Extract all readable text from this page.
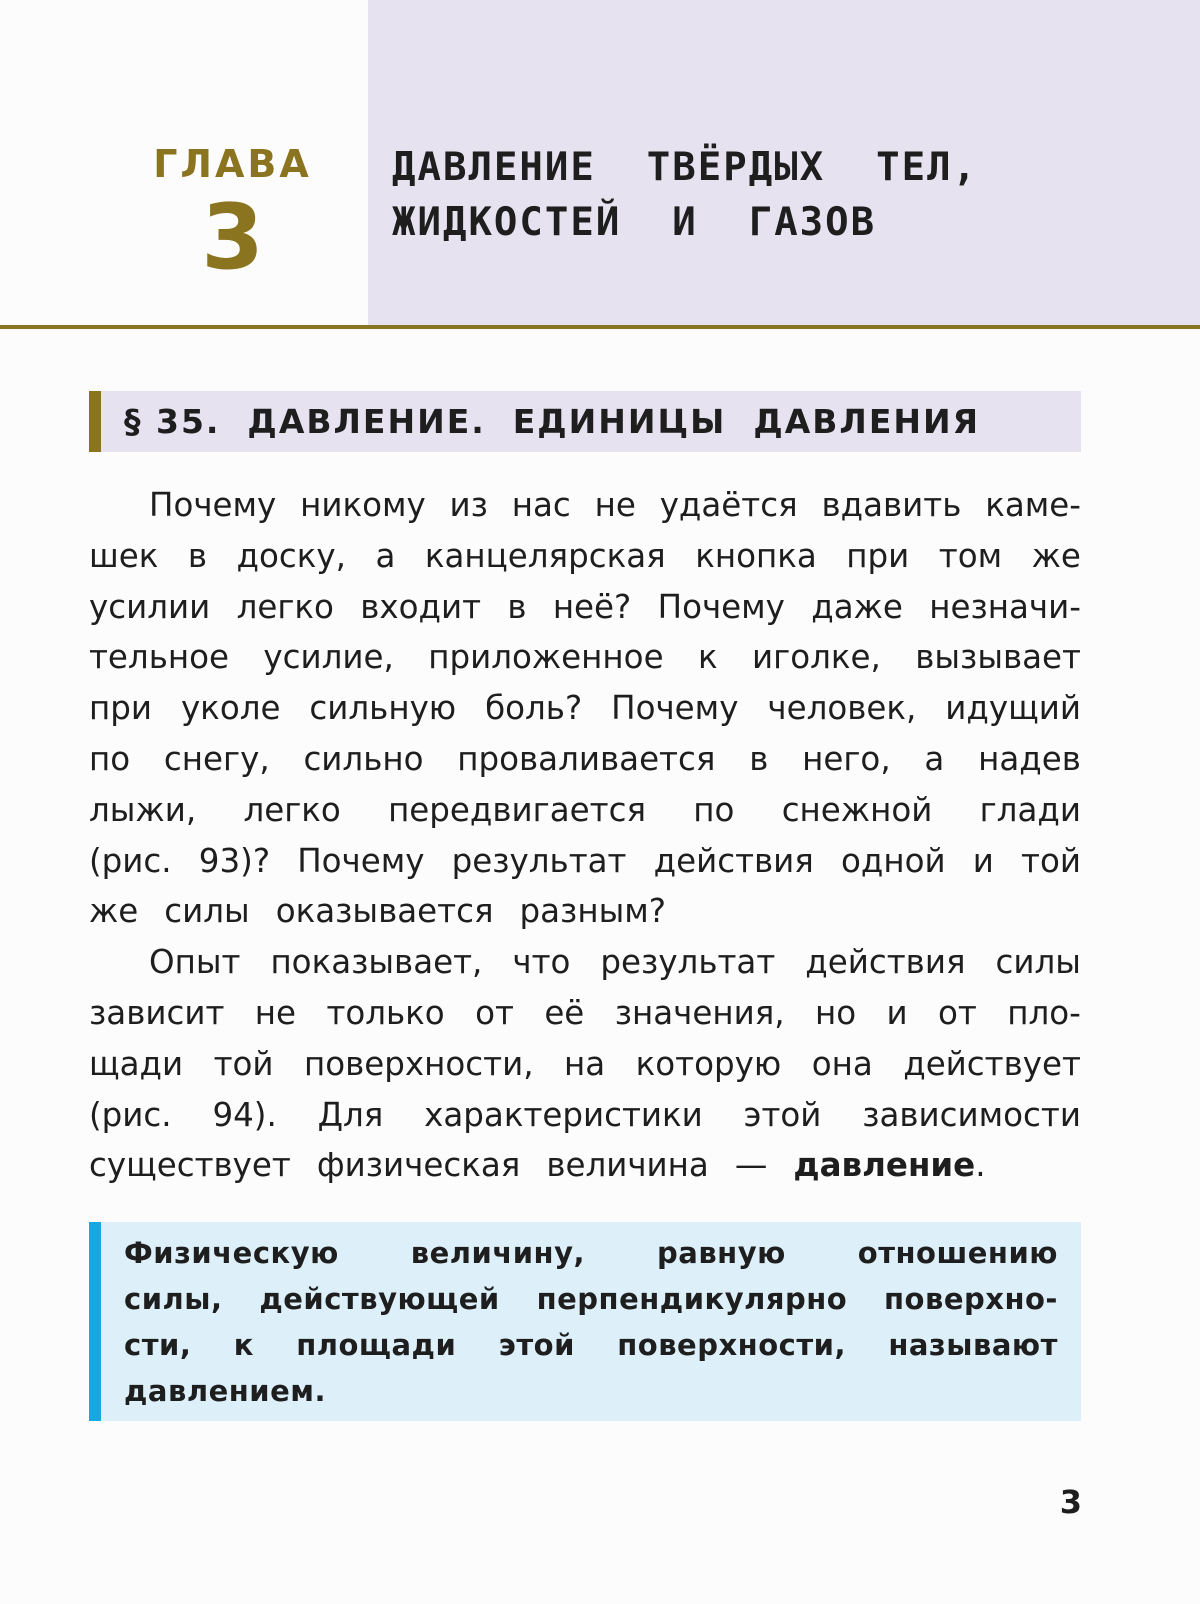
ГЛАВА
3
ДАВЛЕНИЕ  ТВЁРДЫХ  ТЕЛ,
ЖИДКОСТЕЙ  И  ГАЗОВ
§ 35.  ДАВЛЕНИЕ.  ЕДИНИЦЫ  ДАВЛЕНИЯ
Почему никому из нас не удаётся вдавить каме-
шек в доску, а канцелярская кнопка при том же
усилии легко входит в неё? Почему даже незначи-
тельное усилие, приложенное к иголке, вызывает
при уколе сильную боль? Почему человек, идущий
по снегу, сильно проваливается в него, а надев
лыжи, легко передвигается по снежной глади
(рис. 93)? Почему результат действия одной и той
же силы оказывается разным?
Опыт показывает, что результат действия силы
зависит не только от её значения, но и от пло-
щади той поверхности, на которую она действует
(рис. 94). Для характеристики этой зависимости
существует физическая величина — давление.
Физическую величину, равную отношению
силы, действующей перпендикулярно поверхно-
сти, к площади этой поверхности, называют
давлением.
3
